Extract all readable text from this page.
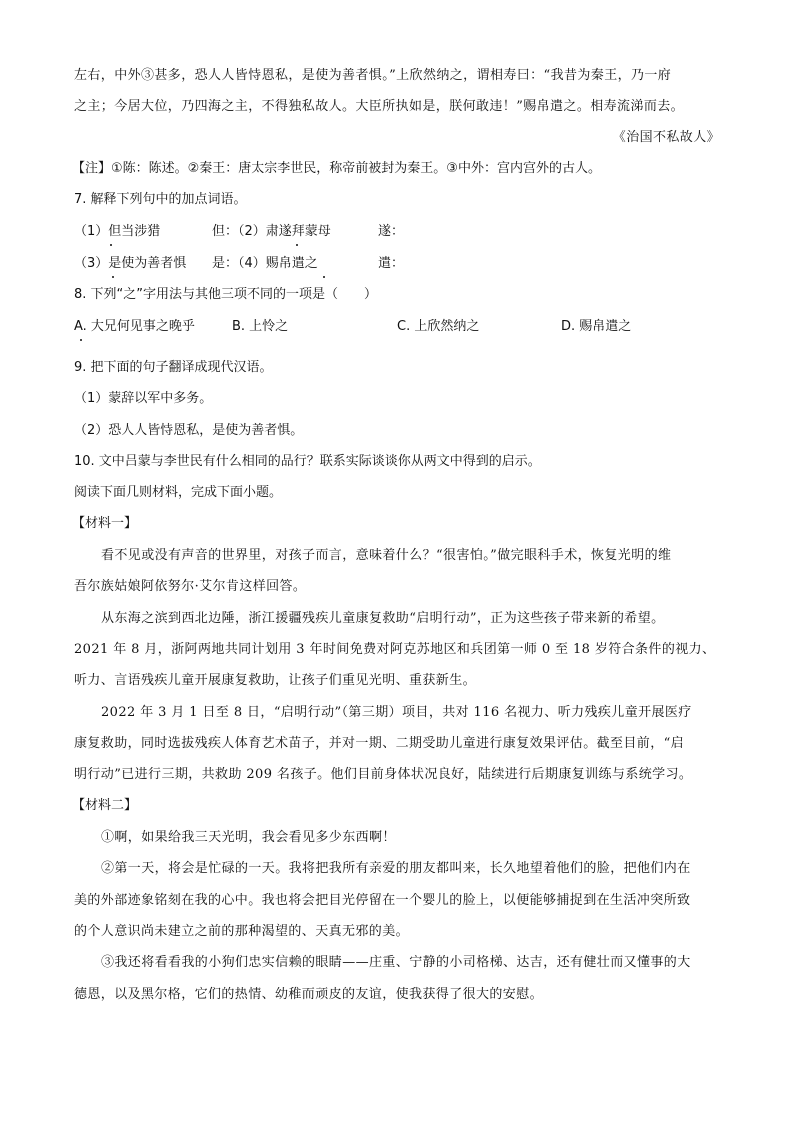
左右，中外③甚多，恐人人皆恃恩私，是使为善者惧。”上欣然纳之，谓相寿曰：“我昔为秦王，乃一府
之主；今居大位，乃四海之主，不得独私故人。大臣所执如是，朕何敢违！”赐帛遣之。相寿流涕而去。
《治国不私故人》
【注】①陈：陈述。②秦王：唐太宗李世民，称帝前被封为秦王。③中外：宫内宫外的古人。
7. 解释下列句中的加点词语。
（1）但当涉猎	但：（2）肃遂拜蒙母	遂：
（3）是使为善者惧 是：（4）赐帛遣之	遣：
8. 下列“之”字用法与其他三项不同的一项是（　　）
A. 大兄何见事之晚乎	B. 上怜之	C. 上欣然纳之	D. 赐帛遣之
9. 把下面的句子翻译成现代汉语。
（1）蒙辞以军中多务。
（2）恐人人皆恃恩私，是使为善者惧。
10. 文中吕蒙与李世民有什么相同的品行？联系实际谈谈你从两文中得到的启示。
阅读下面几则材料，完成下面小题。
【材料一】
看不见或没有声音的世界里，对孩子而言，意味着什么？“很害怕。”做完眼科手术，恢复光明的维
吾尔族姑娘阿依努尔·艾尔肯这样回答。
从东海之滨到西北边陲，浙江援疆残疾儿童康复救助“启明行动”，正为这些孩子带来新的希望。
2021 年 8 月，浙阿两地共同计划用 3 年时间免费对阿克苏地区和兵团第一师 0 至 18 岁符合条件的视力、
听力、言语残疾儿童开展康复救助，让孩子们重见光明、重获新生。
2022 年 3 月 1 日至 8 日，“启明行动”（第三期）项目，共对 116 名视力、听力残疾儿童开展医疗
康复救助，同时选拔残疾人体育艺术苗子，并对一期、二期受助儿童进行康复效果评估。截至目前，“启
明行动”已进行三期，共救助 209 名孩子。他们目前身体状况良好，陆续进行后期康复训练与系统学习。
【材料二】
①啊，如果给我三天光明，我会看见多少东西啊！
②第一天，将会是忙碌的一天。我将把我所有亲爱的朋友都叫来，长久地望着他们的脸，把他们内在
美的外部迹象铭刻在我的心中。我也将会把目光停留在一个婴儿的脸上，以便能够捕捉到在生活冲突所致
的个人意识尚未建立之前的那种渴望的、天真无邪的美。
③我还将看看我的小狗们忠实信赖的眼睛——庄重、宁静的小司格梯、达吉，还有健壮而又懂事的大
德恩，以及黑尔格，它们的热情、幼稚而顽皮的友谊，使我获得了很大的安慰。
